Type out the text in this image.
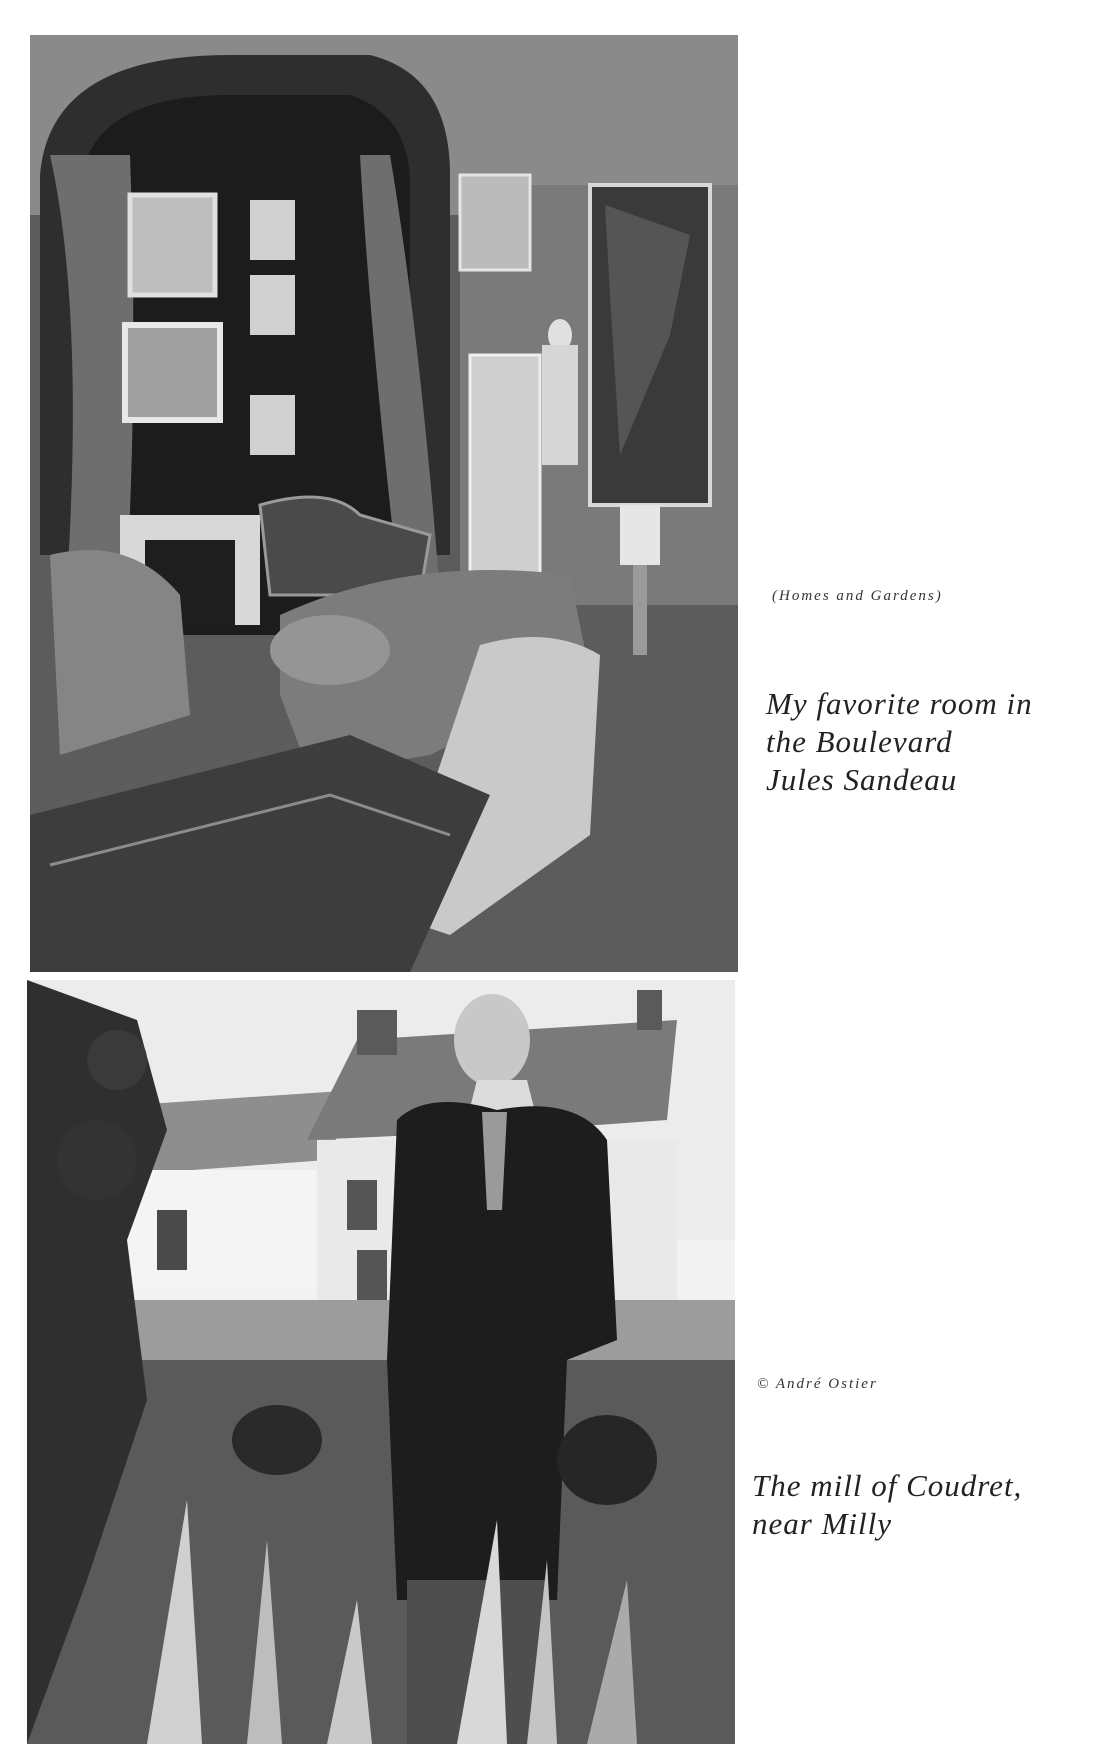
(Homes and Gardens)
My favorite room in
the Boulevard
Jules Sandeau
© André Ostier
The mill of Coudret,
near Milly
